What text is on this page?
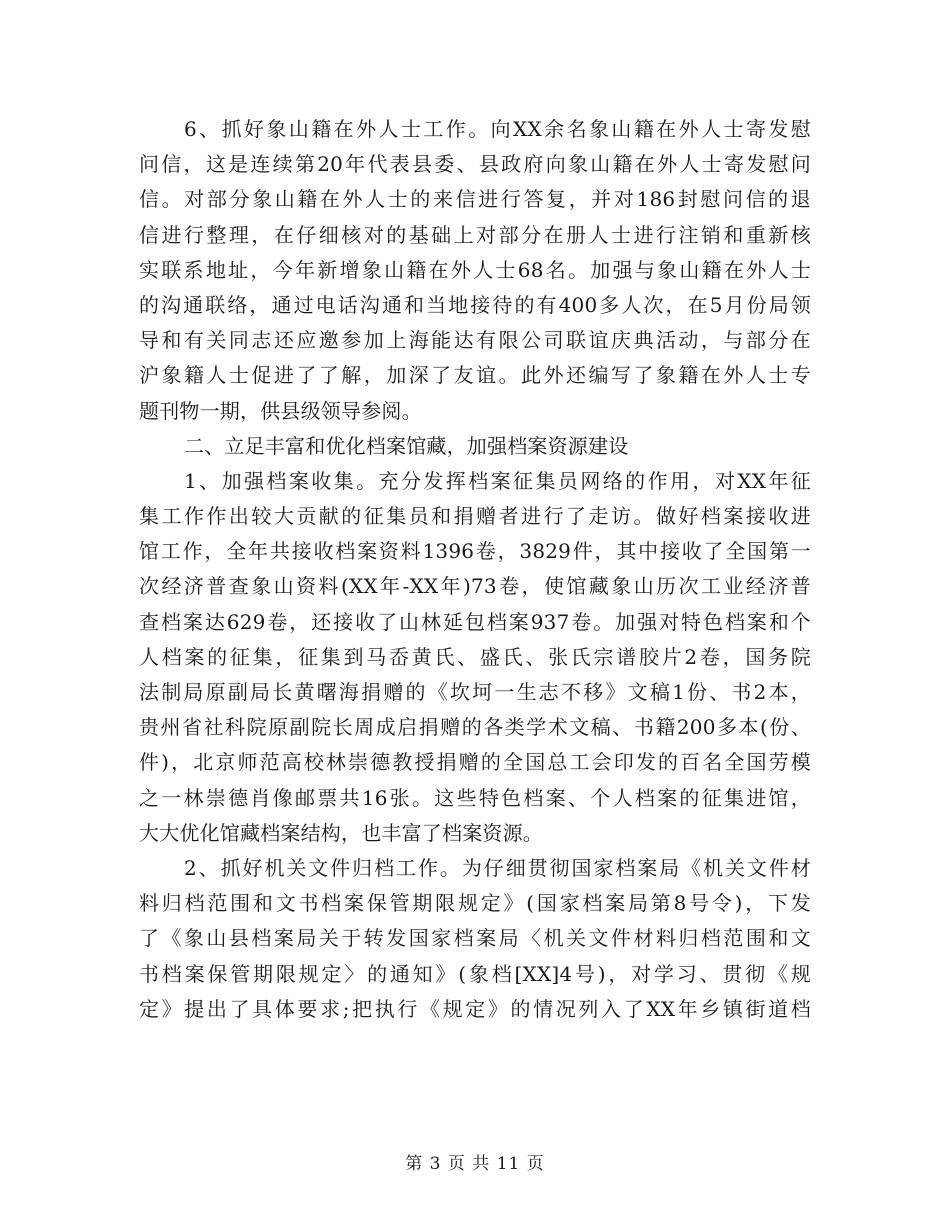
6、抓好象山籍在外人士工作。向XX余名象山籍在外人士寄发慰
问信，这是连续第20年代表县委、县政府向象山籍在外人士寄发慰问
信。对部分象山籍在外人士的来信进行答复，并对186封慰问信的退
信进行整理，在仔细核对的基础上对部分在册人士进行注销和重新核
实联系地址，今年新增象山籍在外人士68名。加强与象山籍在外人士
的沟通联络，通过电话沟通和当地接待的有400多人次，在5月份局领
导和有关同志还应邀参加上海能达有限公司联谊庆典活动，与部分在
沪象籍人士促进了了解，加深了友谊。此外还编写了象籍在外人士专
题刊物一期，供县级领导参阅。
二、立足丰富和优化档案馆藏，加强档案资源建设
1、加强档案收集。充分发挥档案征集员网络的作用，对XX年征
集工作作出较大贡献的征集员和捐赠者进行了走访。做好档案接收进
馆工作，全年共接收档案资料1396卷，3829件，其中接收了全国第一
次经济普查象山资料(XX年-XX年)73卷，使馆藏象山历次工业经济普
查档案达629卷，还接收了山林延包档案937卷。加强对特色档案和个
人档案的征集，征集到马岙黄氏、盛氏、张氏宗谱胶片2卷，国务院
法制局原副局长黄曙海捐赠的《坎坷一生志不移》文稿1份、书2本，
贵州省社科院原副院长周成启捐赠的各类学术文稿、书籍200多本(份、
件)，北京师范高校林崇德教授捐赠的全国总工会印发的百名全国劳模
之一林崇德肖像邮票共16张。这些特色档案、个人档案的征集进馆，
大大优化馆藏档案结构，也丰富了档案资源。
2、抓好机关文件归档工作。为仔细贯彻国家档案局《机关文件材
料归档范围和文书档案保管期限规定》(国家档案局第8号令)，下发
了《象山县档案局关于转发国家档案局〈机关文件材料归档范围和文
书档案保管期限规定〉的通知》(象档[XX]4号)，对学习、贯彻《规
定》提出了具体要求;把执行《规定》的情况列入了XX年乡镇街道档
第 3 页 共 11 页
